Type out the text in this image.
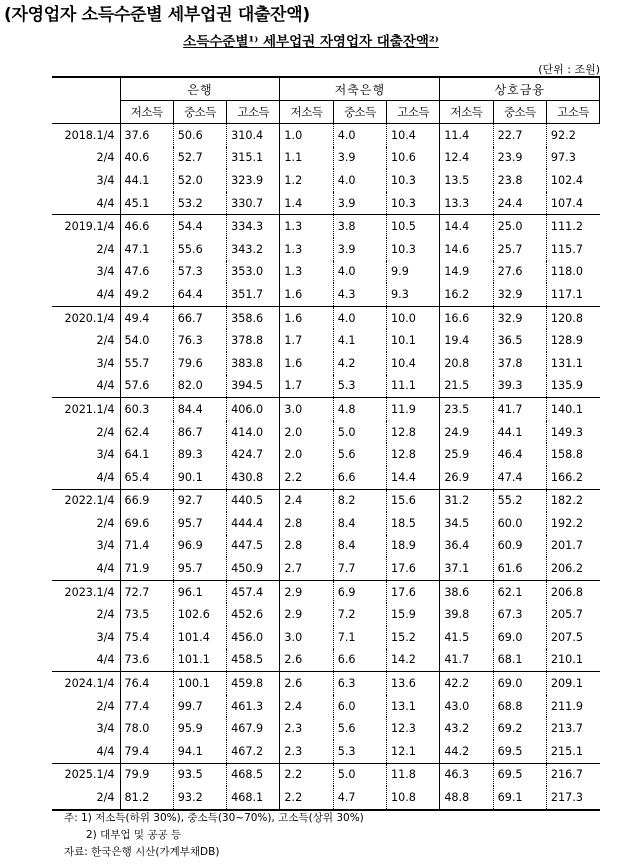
(자영업자 소득수준별 세부업권 대출잔액)
소득수준별¹⁾ 세부업권 자영업자 대출잔액²⁾
(단위 : 조원)
	은행			저축은행			상호금융		
	저소득	중소득	고소득	저소득	중소득	고소득	저소득	중소득	고소득
2018.1/4	37.6	50.6	310.4	1.0	4.0	10.4	11.4	22.7	92.2
2/4	40.6	52.7	315.1	1.1	3.9	10.6	12.4	23.9	97.3
3/4	44.1	52.0	323.9	1.2	4.0	10.3	13.5	23.8	102.4
4/4	45.1	53.2	330.7	1.4	3.9	10.3	13.3	24.4	107.4
2019.1/4	46.6	54.4	334.3	1.3	3.8	10.5	14.4	25.0	111.2
2/4	47.1	55.6	343.2	1.3	3.9	10.3	14.6	25.7	115.7
3/4	47.6	57.3	353.0	1.3	4.0	9.9	14.9	27.6	118.0
4/4	49.2	64.4	351.7	1.6	4.3	9.3	16.2	32.9	117.1
2020.1/4	49.4	66.7	358.6	1.6	4.0	10.0	16.6	32.9	120.8
2/4	54.0	76.3	378.8	1.7	4.1	10.1	19.4	36.5	128.9
3/4	55.7	79.6	383.8	1.6	4.2	10.4	20.8	37.8	131.1
4/4	57.6	82.0	394.5	1.7	5.3	11.1	21.5	39.3	135.9
2021.1/4	60.3	84.4	406.0	3.0	4.8	11.9	23.5	41.7	140.1
2/4	62.4	86.7	414.0	2.0	5.0	12.8	24.9	44.1	149.3
3/4	64.1	89.3	424.7	2.0	5.6	12.8	25.9	46.4	158.8
4/4	65.4	90.1	430.8	2.2	6.6	14.4	26.9	47.4	166.2
2022.1/4	66.9	92.7	440.5	2.4	8.2	15.6	31.2	55.2	182.2
2/4	69.6	95.7	444.4	2.8	8.4	18.5	34.5	60.0	192.2
3/4	71.4	96.9	447.5	2.8	8.4	18.9	36.4	60.9	201.7
4/4	71.9	95.7	450.9	2.7	7.7	17.6	37.1	61.6	206.2
2023.1/4	72.7	96.1	457.4	2.9	6.9	17.6	38.6	62.1	206.8
2/4	73.5	102.6	452.6	2.9	7.2	15.9	39.8	67.3	205.7
3/4	75.4	101.4	456.0	3.0	7.1	15.2	41.5	69.0	207.5
4/4	73.6	101.1	458.5	2.6	6.6	14.2	41.7	68.1	210.1
2024.1/4	76.4	100.1	459.8	2.6	6.3	13.6	42.2	69.0	209.1
2/4	77.4	99.7	461.3	2.4	6.0	13.1	43.0	68.8	211.9
3/4	78.0	95.9	467.9	2.3	5.6	12.3	43.2	69.2	213.7
4/4	79.4	94.1	467.2	2.3	5.3	12.1	44.2	69.5	215.1
2025.1/4	79.9	93.5	468.5	2.2	5.0	11.8	46.3	69.5	216.7
2/4	81.2	93.2	468.1	2.2	4.7	10.8	48.8	69.1	217.3
주: 1) 저소득(하위 30%), 중소득(30~70%), 고소득(상위 30%)
2) 대부업 및 공공 등
자료: 한국은행 시산(가계부채DB)
